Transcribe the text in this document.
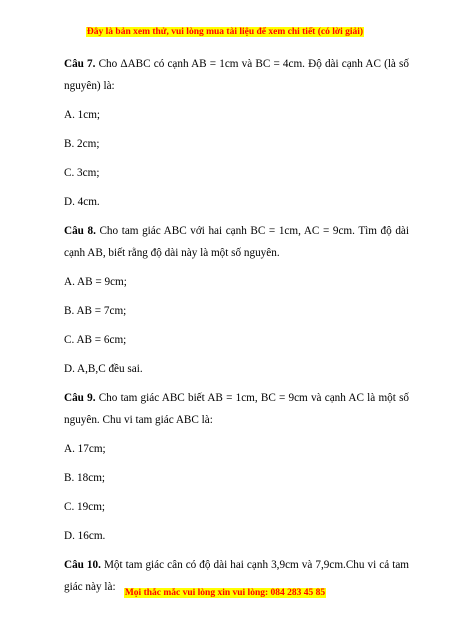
Đây là bản xem thử, vui lòng mua tài liệu để xem chi tiết (có lời giải)

Câu 7. Cho ΔABC có cạnh AB = 1cm và BC = 4cm. Độ dài cạnh AC (là số nguyên) là:

A. 1cm;

B. 2cm;

C. 3cm;

D. 4cm.

Câu 8. Cho tam giác ABC với hai cạnh BC = 1cm, AC = 9cm. Tìm độ dài cạnh AB, biết rằng độ dài này là một số nguyên.

A. AB = 9cm;

B. AB = 7cm;

C. AB = 6cm;

D. A,B,C đều sai.

Câu 9. Cho tam giác ABC biết AB = 1cm, BC = 9cm và cạnh AC là một số nguyên. Chu vi tam giác ABC là:

A. 17cm;

B. 18cm;

C. 19cm;

D. 16cm.

Câu 10. Một tam giác cân có độ dài hai cạnh 3,9cm và 7,9cm.Chu vi cả tam giác này là: Mọi thắc mắc vui lòng xin vui lòng: 084 283 45 85
